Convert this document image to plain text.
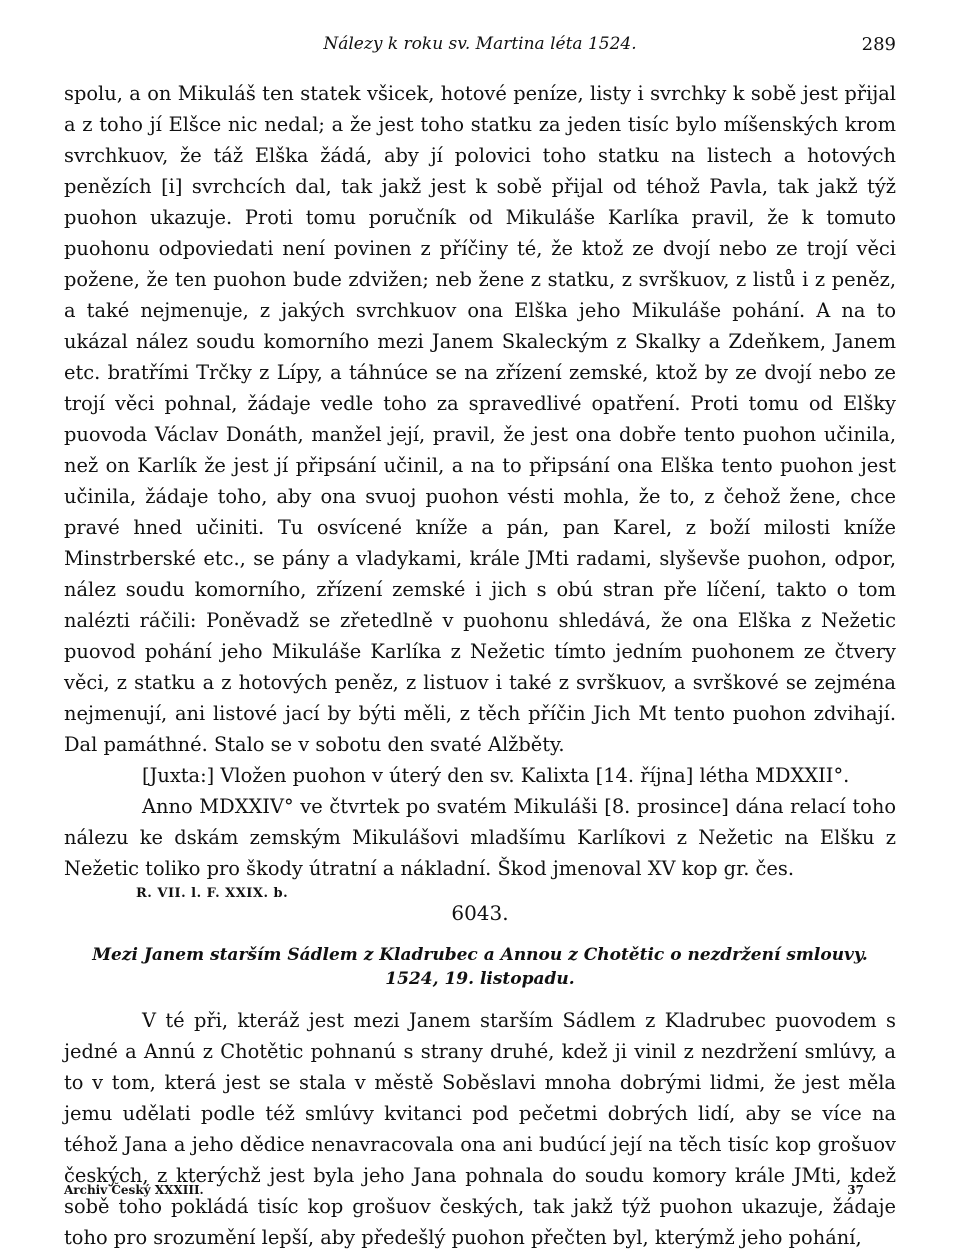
Nálezy k roku sv. Martina léta 1524.	289

spolu, a on Mikuláš ten statek všicek, hotové peníze, listy i svrchky k sobě jest přijal a z toho jí Elšce nic nedal; a že jest toho statku za jeden tisíc bylo míšenských krom svrchkuov, že táž Elška žádá, aby jí polovici toho statku na listech a hotových penězích [i] svrchcích dal, tak jakž jest k sobě přijal od téhož Pavla, tak jakž týž puohon ukazuje. Proti tomu poručník od Mikuláše Karlíka pravil, že k tomuto puohonu odpoviedati není povinen z příčiny té, že ktož ze dvojí nebo ze trojí věci požene, že ten puohon bude zdvižen; neb žene z statku, z svrškuov, z listů i z peněz, a také nejmenuje, z jakých svrchkuov ona Elška jeho Mikuláše pohání. A na to ukázal nález soudu komorního mezi Janem Skaleckým z Skalky a Zdeňkem, Janem etc. bratřími Trčky z Lípy, a táhnúce se na zřízení zemské, ktož by ze dvojí nebo ze trojí věci pohnal, žádaje vedle toho za spravedlivé opatření. Proti tomu od Elšky puovoda Václav Donáth, manžel její, pravil, že jest ona dobře tento puohon učinila, než on Karlík že jest jí připsání učinil, a na to připsání ona Elška tento puohon jest učinila, žádaje toho, aby ona svuoj puohon vésti mohla, že to, z čehož žene, chce pravé hned učiniti. Tu osvícené kníže a pán, pan Karel, z boží milosti kníže Minstrberské etc., se pány a vladykami, krále JMti radami, slyševše puohon, odpor, nález soudu komorního, zřízení zemské i jich s obú stran pře líčení, takto o tom nalézti ráčili: Poněvadž se zřetedlně v puohonu shledává, že ona Elška z Nežetic puovod pohání jeho Mikuláše Karlíka z Nežetic tímto jedním puohonem ze čtvery věci, z statku a z hotových peněz, z listuov i také z svrškuov, a svrškové se zejména nejmenují, ani listové jací by býti měli, z těch příčin Jich Mt tento puohon zdvihají. Dal památhné. Stalo se v sobotu den svaté Alžběty.

[Juxta:] Vložen puohon v úterý den sv. Kalixta [14. října] létha MDXXII°.

Anno MDXXIV° ve čtvrtek po svatém Mikuláši [8. prosince] dána relací toho nálezu ke dskám zemským Mikulášovi mladšímu Karlíkovi z Nežetic na Elšku z Nežetic toliko pro škody útratní a nákladní. Škod jmenoval XV kop gr. čes.

R. VII. l. F. XXIX. b.
6043.
Mezi Janem starším Sádlem z Kladrubec a Annou z Chotětic o nezdržení smlouvy.
1524, 19. listopadu.

V té při, kteráž jest mezi Janem starším Sádlem z Kladrubec puovodem s jedné a Annú z Chotětic pohnanú s strany druhé, kdež ji vinil z nezdržení smlúvy, a to v tom, která jest se stala v městě Soběslavi mnoha dobrými lidmi, že jest měla jemu udělati podle též smlúvy kvitanci pod pečetmi dobrých lidí, aby se více na téhož Jana a jeho dědice nenavracovala ona ani budúcí její na těch tisíc kop grošuov českých, z kterýchž jest byla jeho Jana pohnala do soudu komory krále JMti, kdež sobě toho pokládá tisíc kop grošuov českých, tak jakž týž puohon ukazuje, žádaje toho pro srozumění lepší, aby předešlý puohon přečten byl, kterýmž jeho pohání,

Archiv Český XXXIII.	37
